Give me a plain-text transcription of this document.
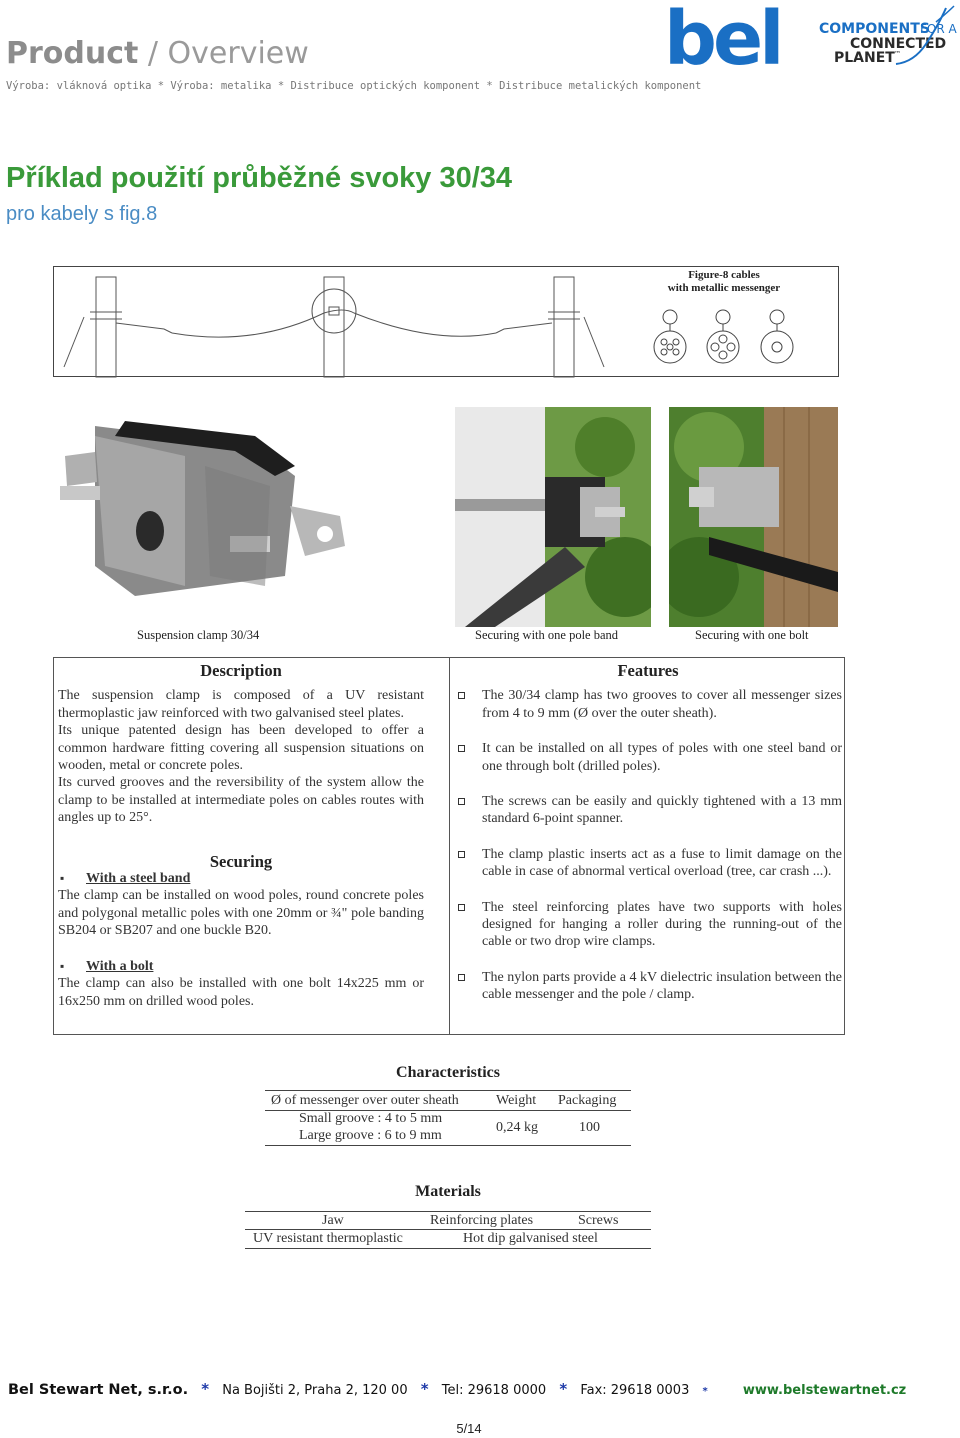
Product / Overview
Výroba: vláknová optika * Výroba: metalika * Distribuce optických komponent * Distribuce metalických komponent
bel	COMPONENTS
FOR A
CONNECTED
PLANET ™
Příklad použití průběžné svoky 30/34
pro kabely s fig.8
Figure-8 cables
with metallic messenger
Suspension clamp 30/34	Securing with one pole band	Securing with one bolt
Description
The suspension clamp is composed of a UV resistant thermoplastic jaw reinforced with two galvanised steel plates.
Its unique patented design has been developed to offer a common hardware fitting covering all suspension situations on wooden, metal or concrete poles.
Its curved grooves and the reversibility of the system allow the clamp to be installed at intermediate poles on cables routes with angles up to 25°.
Securing
▪ With a steel band
The clamp can be installed on wood poles, round concrete poles and polygonal metallic poles with one 20mm or ¾" pole banding SB204 or SB207 and one buckle B20.
▪ With a bolt
The clamp can also be installed with one bolt 14x225 mm or 16x250 mm on drilled wood poles.
Features
The 30/34 clamp has two grooves to cover all messenger sizes from 4 to 9 mm (Ø over the outer sheath).
It can be installed on all types of poles with one steel band or one through bolt (drilled poles).
The screws can be easily and quickly tightened with a 13 mm standard 6-point spanner.
The clamp plastic inserts act as a fuse to limit damage on the cable in case of abnormal vertical overload (tree, car crash ...).
The steel reinforcing plates have two supports with holes designed for hanging a roller during the running-out of the cable or two drop wire clamps.
The nylon parts provide a 4 kV dielectric insulation between the cable messenger and the pole / clamp.
Characteristics
Ø of messenger over outer sheath	Weight Packaging
Small groove : 4 to 5 mm
Large groove : 6 to 9 mm
0,24 kg	100
Materials
Jaw	Reinforcing plates	Screws
UV resistant thermoplastic	Hot dip galvanised steel
Bel Stewart Net, s.r.o. * Na Bojišti 2, Praha 2, 120 00 * Tel: 29618 0000 * Fax: 29618 0003 *	www.belstewartnet.cz
5/14
